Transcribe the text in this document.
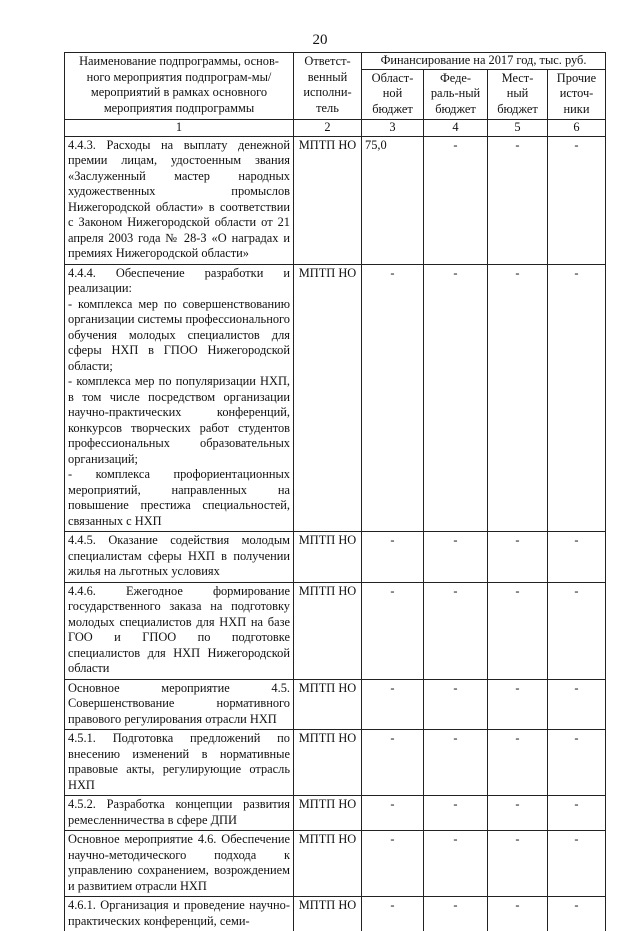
20
Наименование подпрограммы, основ-ного мероприятия подпрограм-мы/мероприятий в рамках основного мероприятия подпрограммы	Ответст-венный исполни-тель	Финансирование на 2017 год, тыс. руб.			
		Област-ной бюджет	Феде-раль-ный бюджет	Мест-ный бюджет	Прочие источ-ники
1	2	3	4	5	6
4.4.3. Расходы на выплату денежной премии лицам, удостоенным звания «Заслуженный мастер народных художественных промыслов Нижегородской области» в соответствии с Законом Нижегородской области от 21 апреля 2003 года № 28-З «О наградах и премиях Нижегородской области»	МПТП НО	75,0	-	-	-

4.4.4. Обеспечение разработки и реализации:
- комплекса мер по совершенствованию организации системы профессионального обучения молодых специалистов для сферы НХП в ГПОО Нижегородской области;
- комплекса мер по популяризации НХП, в том числе посредством организации научно-практических конференций, конкурсов творческих работ студентов профессиональных образовательных организаций;
- комплекса профориентационных мероприятий, направленных на повышение престижа специальностей, связанных с НХП	МПТП НО	-	-	-	-
4.4.5. Оказание содействия молодым специалистам сферы НХП в получении жилья на льготных условиях	МПТП НО	-	-	-	-
4.4.6. Ежегодное формирование государственного заказа на подготовку молодых специалистов для НХП на базе ГОО и ГПОО по подготовке специалистов для НХП Нижегородской области	МПТП НО	-	-	-	-
Основное мероприятие 4.5. Совершенствование нормативного правового регулирования отрасли НХП	МПТП НО	-	-	-	-
4.5.1. Подготовка предложений по внесению изменений в нормативные правовые акты, регулирующие отрасль НХП	МПТП НО	-	-	-	-
4.5.2. Разработка концепции развития ремесленничества в сфере ДПИ	МПТП НО	-	-	-	-
Основное мероприятие 4.6. Обеспечение научно-методического подхода к управлению сохранением, возрождением и развитием отрасли НХП	МПТП НО	-	-	-	-
4.6.1. Организация и проведение научно-практических конференций, семи-	МПТП НО	-	-	-	-
